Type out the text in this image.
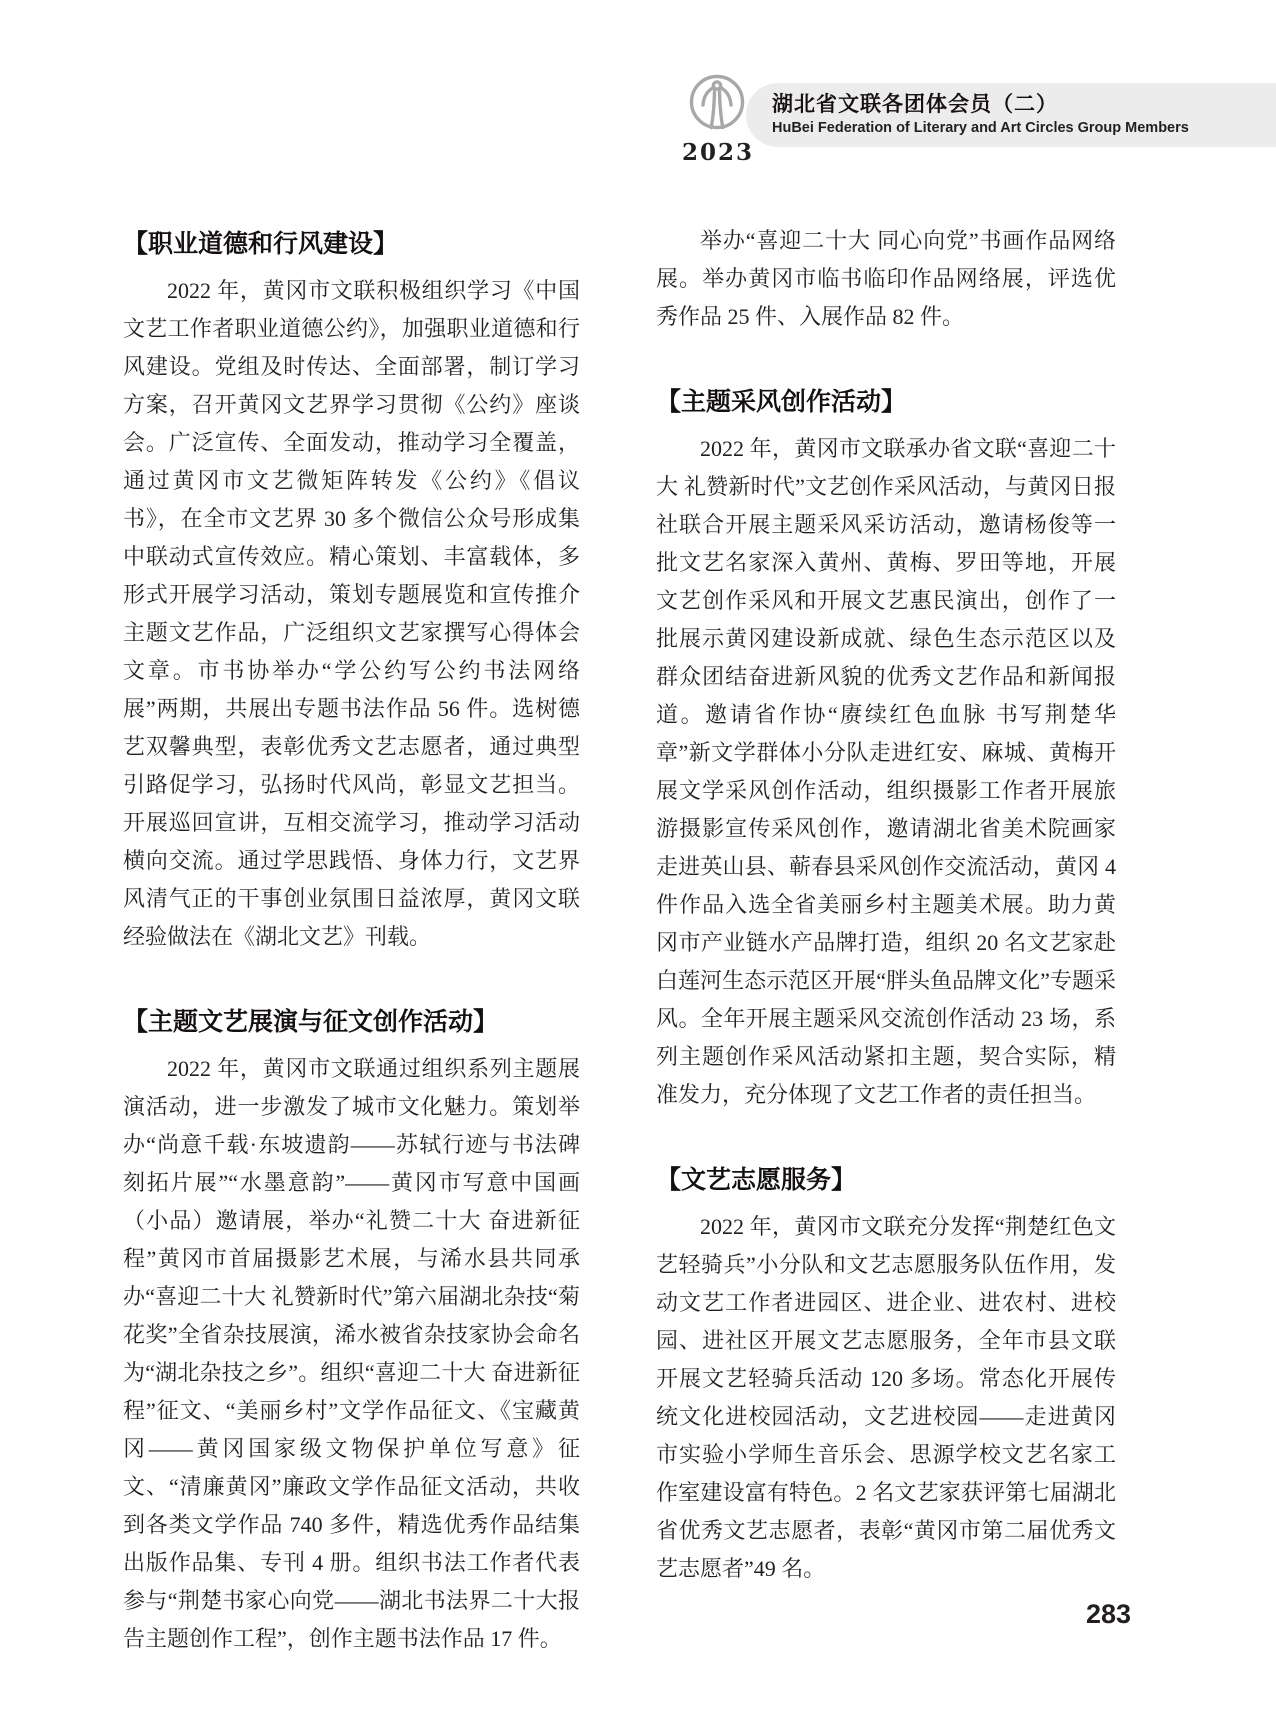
2023
湖北省文联各团体会员（二）
HuBei Federation of Literary and Art Circles Group Members
【职业道德和行风建设】

2022 年，黄冈市文联积极组织学习《中国文艺工作者职业道德公约》，加强职业道德和行风建设。党组及时传达、全面部署，制订学习方案，召开黄冈文艺界学习贯彻《公约》座谈会。广泛宣传、全面发动，推动学习全覆盖，通过黄冈市文艺微矩阵转发《公约》《倡议书》，在全市文艺界 30 多个微信公众号形成集中联动式宣传效应。精心策划、丰富载体，多形式开展学习活动，策划专题展览和宣传推介主题文艺作品，广泛组织文艺家撰写心得体会文章。市书协举办“学公约写公约书法网络展”两期，共展出专题书法作品 56 件。选树德艺双馨典型，表彰优秀文艺志愿者，通过典型引路促学习，弘扬时代风尚，彰显文艺担当。开展巡回宣讲，互相交流学习，推动学习活动横向交流。通过学思践悟、身体力行，文艺界风清气正的干事创业氛围日益浓厚，黄冈文联经验做法在《湖北文艺》刊载。

【主题文艺展演与征文创作活动】

2022 年，黄冈市文联通过组织系列主题展演活动，进一步激发了城市文化魅力。策划举办“尚意千载·东坡遗韵——苏轼行迹与书法碑刻拓片展”“水墨意韵”——黄冈市写意中国画（小品）邀请展，举办“礼赞二十大 奋进新征程”黄冈市首届摄影艺术展，与浠水县共同承办“喜迎二十大 礼赞新时代”第六届湖北杂技“菊花奖”全省杂技展演，浠水被省杂技家协会命名为“湖北杂技之乡”。组织“喜迎二十大 奋进新征程”征文、“美丽乡村”文学作品征文、《宝藏黄冈——黄冈国家级文物保护单位写意》征文、“清廉黄冈”廉政文学作品征文活动，共收到各类文学作品 740 多件，精选优秀作品结集出版作品集、专刊 4 册。组织书法工作者代表参与“荆楚书家心向党——湖北书法界二十大报告主题创作工程”，创作主题书法作品 17 件。

举办“喜迎二十大 同心向党”书画作品网络展。举办黄冈市临书临印作品网络展，评选优秀作品 25 件、入展作品 82 件。

【主题采风创作活动】

2022 年，黄冈市文联承办省文联“喜迎二十大 礼赞新时代”文艺创作采风活动，与黄冈日报社联合开展主题采风采访活动，邀请杨俊等一批文艺名家深入黄州、黄梅、罗田等地，开展文艺创作采风和开展文艺惠民演出，创作了一批展示黄冈建设新成就、绿色生态示范区以及群众团结奋进新风貌的优秀文艺作品和新闻报道。邀请省作协“赓续红色血脉 书写荆楚华章”新文学群体小分队走进红安、麻城、黄梅开展文学采风创作活动，组织摄影工作者开展旅游摄影宣传采风创作，邀请湖北省美术院画家走进英山县、蕲春县采风创作交流活动，黄冈 4 件作品入选全省美丽乡村主题美术展。助力黄冈市产业链水产品牌打造，组织 20 名文艺家赴白莲河生态示范区开展“胖头鱼品牌文化”专题采风。全年开展主题采风交流创作活动 23 场，系列主题创作采风活动紧扣主题，契合实际，精准发力，充分体现了文艺工作者的责任担当。

【文艺志愿服务】

2022 年，黄冈市文联充分发挥“荆楚红色文艺轻骑兵”小分队和文艺志愿服务队伍作用，发动文艺工作者进园区、进企业、进农村、进校园、进社区开展文艺志愿服务，全年市县文联开展文艺轻骑兵活动 120 多场。常态化开展传统文化进校园活动，文艺进校园——走进黄冈市实验小学师生音乐会、思源学校文艺名家工作室建设富有特色。2 名文艺家获评第七届湖北省优秀文艺志愿者，表彰“黄冈市第二届优秀文艺志愿者”49 名。

283
